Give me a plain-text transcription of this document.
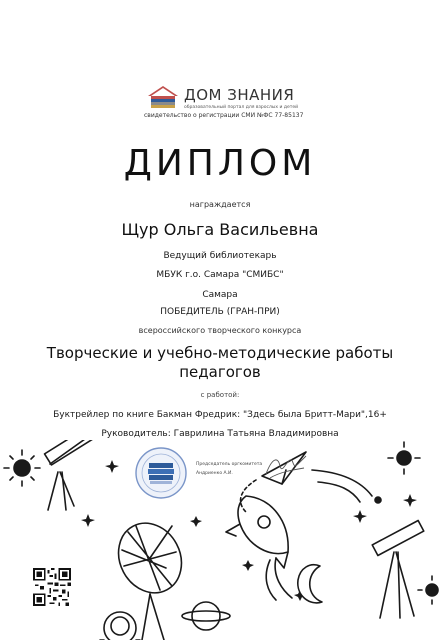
ДОМ ЗНАНИЯ
образовательный портал для взрослых и детей
свидетельство о регистрации СМИ №ФС 77-85137
ДИПЛОМ
награждается
Щур Ольга Васильевна
Ведущий библиотекарь
МБУК г.о. Самара "СМИБС"
Самара
ПОБЕДИТЕЛЬ (ГРАН-ПРИ)
всероссийского творческого конкурса
Творческие и учебно-методические работы
педагогов
с работой:
Буктрейлер по книге Бакман Фредрик: "Здесь была Бритт-Мари",16+
Руководитель: Гаврилина Татьяна Владимировна
Председатель оргкомитета
Андриенко А.И.
